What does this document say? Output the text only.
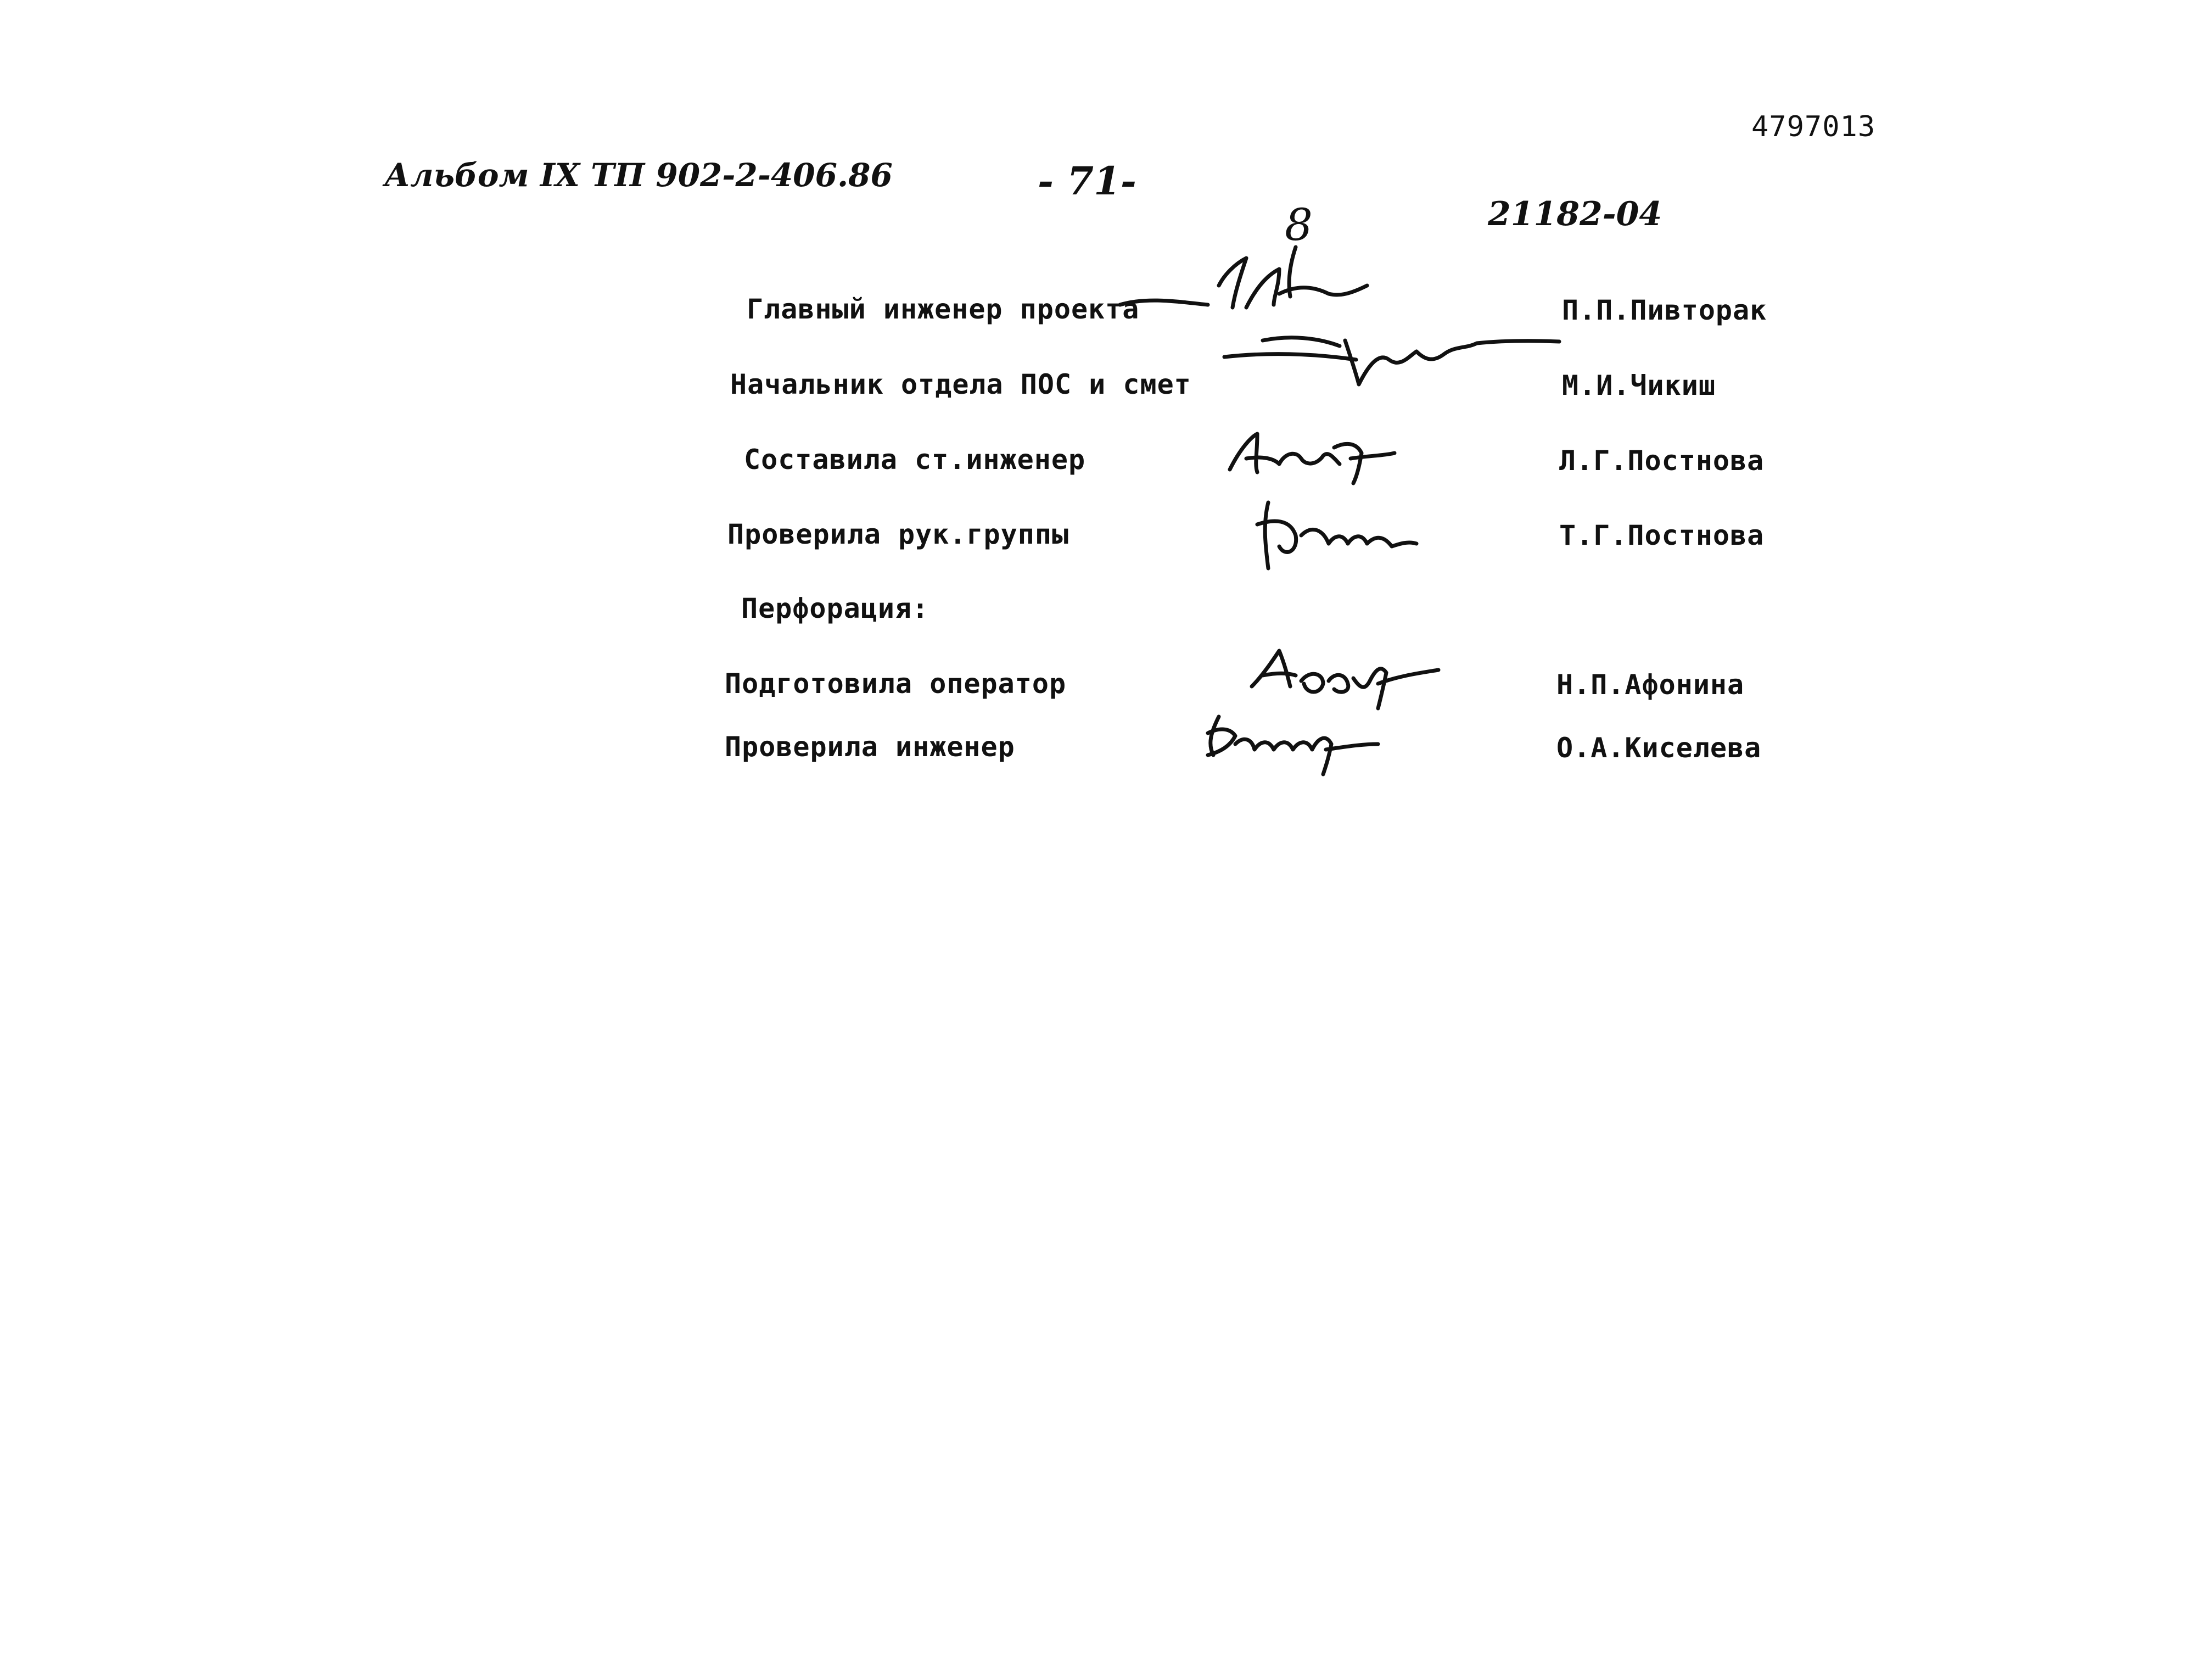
4797013
Альбом IX ТП 902-2-406.86	- 71-
21182-04
8
Главный инженер проекта	П.П.Пивторак
Начальник отдела ПОС и смет	М.И.Чикиш
Составила ст.инженер	Л.Г.Постнова
Проверила рук.группы	Т.Г.Постнова
Перфорация:
Подготовила оператор	Н.П.Афонина
Проверила инженер	О.А.Киселева
